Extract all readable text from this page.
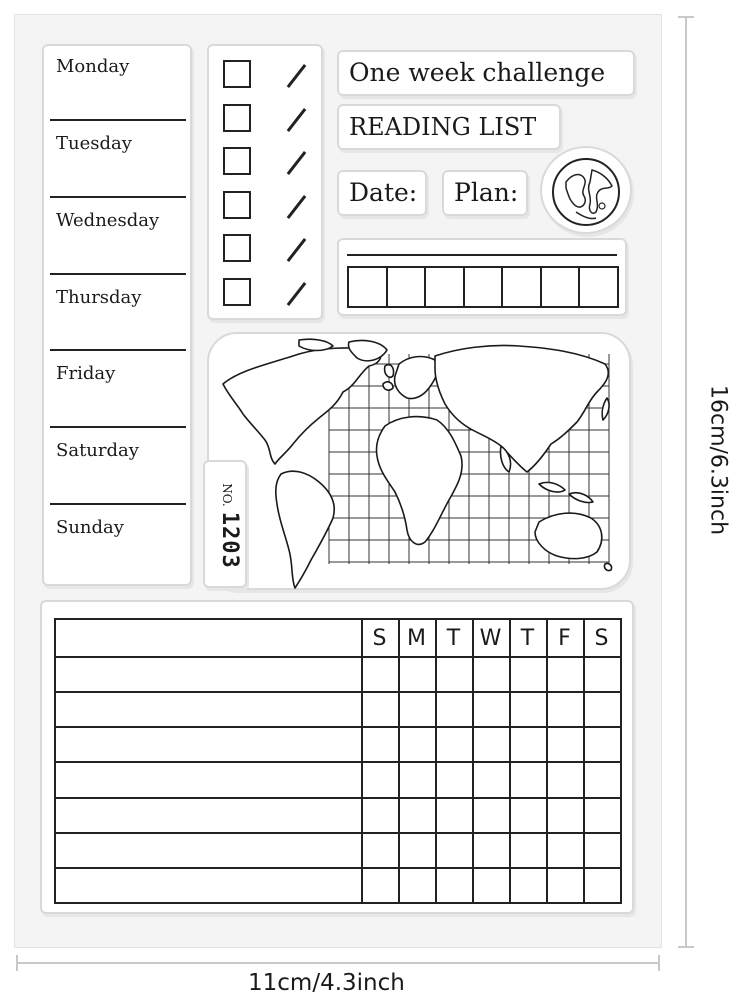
Monday
Tuesday
Wednesday
Thursday
Friday
Saturday
Sunday
One week challenge
READING LIST
Date:	Plan:
NO. 1203
S M T W T	F	S
16cm/6.3inch
11cm/4.3inch
